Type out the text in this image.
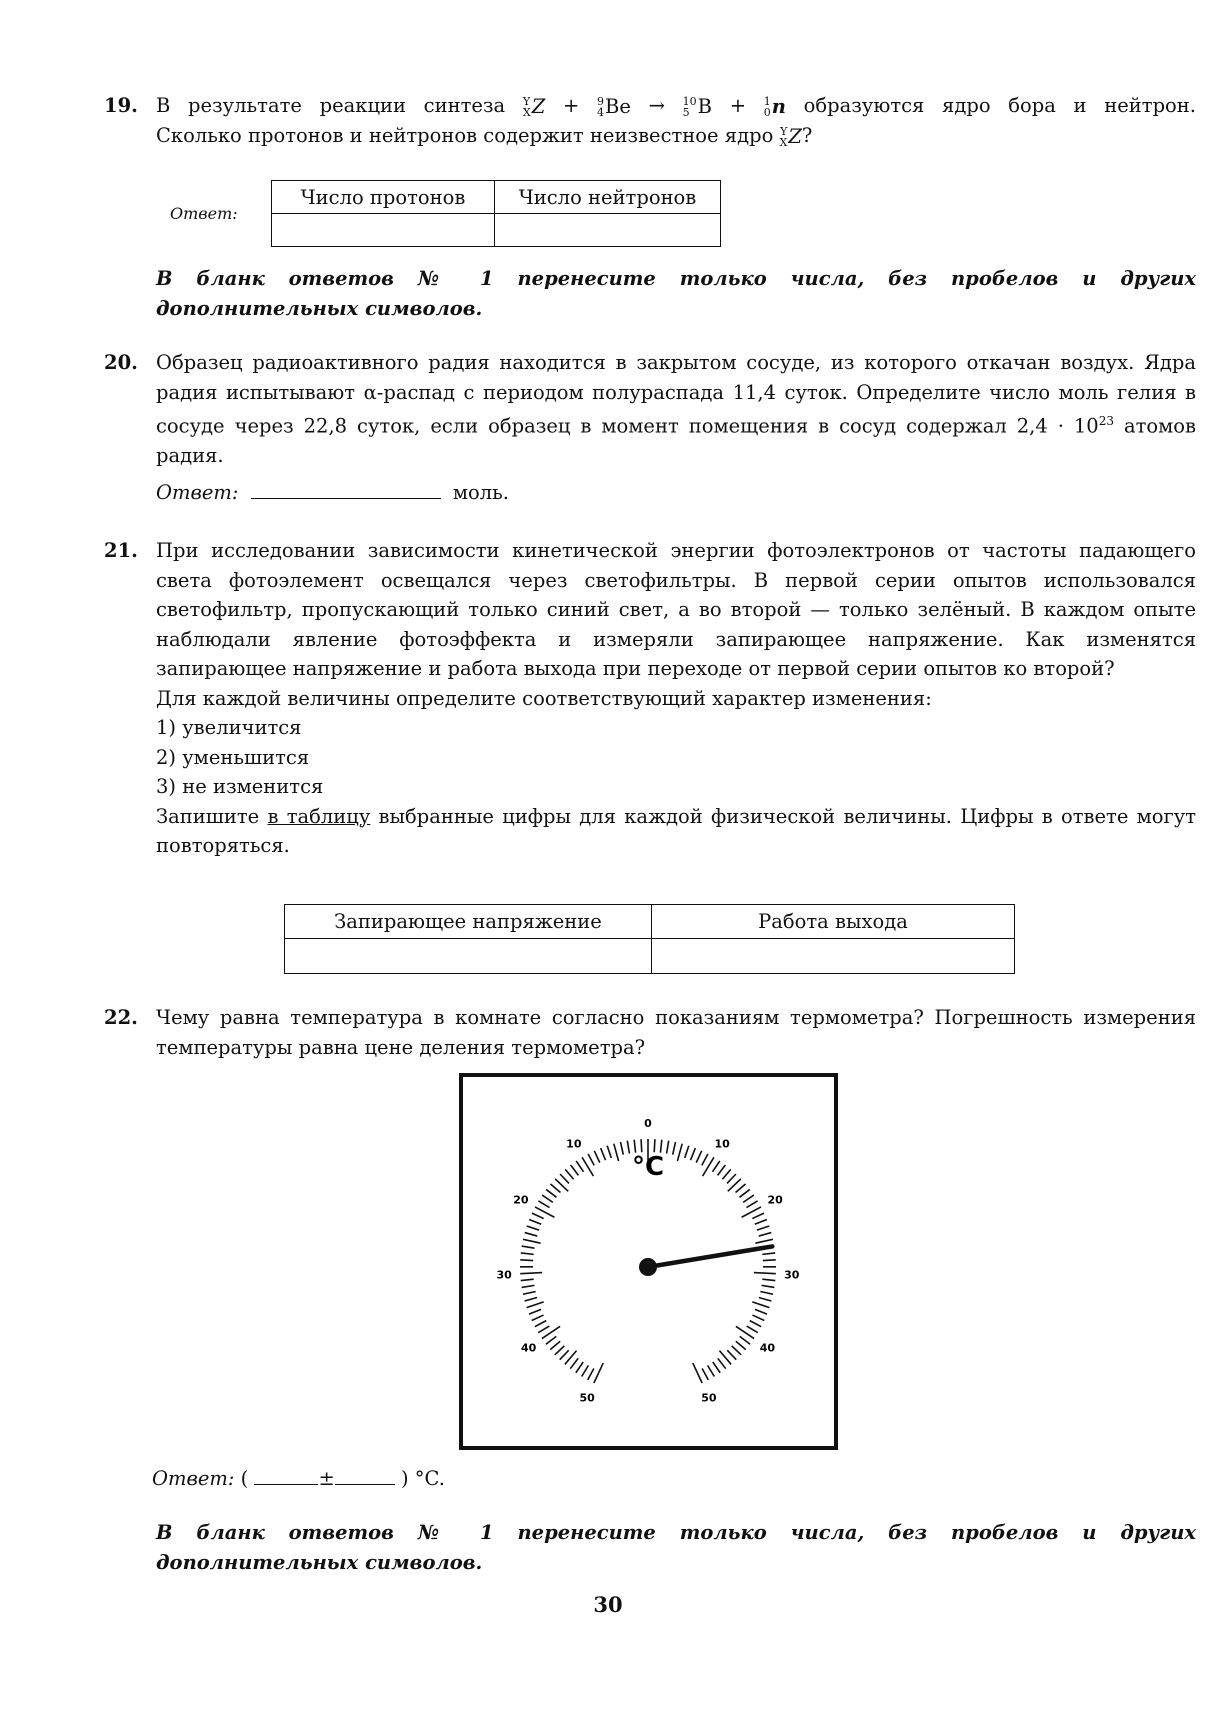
19. В результате реакции синтеза Y
X Z + 9
4 Be → 10
5 B + 1
0 n образуются ядро бора и нейтрон.
Сколько протонов и нейтронов содержит неизвестное ядро Y
X Z ?
Ответ:
Число протонов	Число нейтронов

В бланк ответов № 1 перенесите только числа, без пробелов и других дополнительных символов.
20. Образец радиоактивного радия находится в закрытом сосуде, из которого откачан воздух. Ядра радия испытывают α-распад с периодом полураспада 11,4 суток. Определите число моль гелия в сосуде через 22,8 суток, если образец в момент помещения в сосуд содержал $2,4 \cdot 10^{23}$ атомов радия.
Ответ:	моль.
21. При исследовании зависимости кинетической энергии фотоэлектронов от частоты падающего света фотоэлемент освещался через светофильтры. В первой серии опытов использовался светофильтр, пропускающий только синий свет, а во второй — только зелёный. В каждом опыте наблюдали явление фотоэффекта и измеряли запирающее напряжение. Как изменятся запирающее напряжение и работа выхода при переходе от первой серии опытов ко второй?
Для каждой величины определите соответствующий характер изменения:
1) увеличится
2) уменьшится
3) не изменится
Запишите в таблицу выбранные цифры для каждой физической величины. Цифры в ответе могут повторяться.
Запирающее напряжение	Работа выхода

22. Чему равна температура в комнате согласно показаниям термометра? Погрешность измерения температуры равна цене деления термометра?
0
10
20
30
40
50
10
20
30
40
50
°C
Ответ: (	±	) °C.
В бланк ответов № 1 перенесите только числа, без пробелов и других дополнительных символов.
30
